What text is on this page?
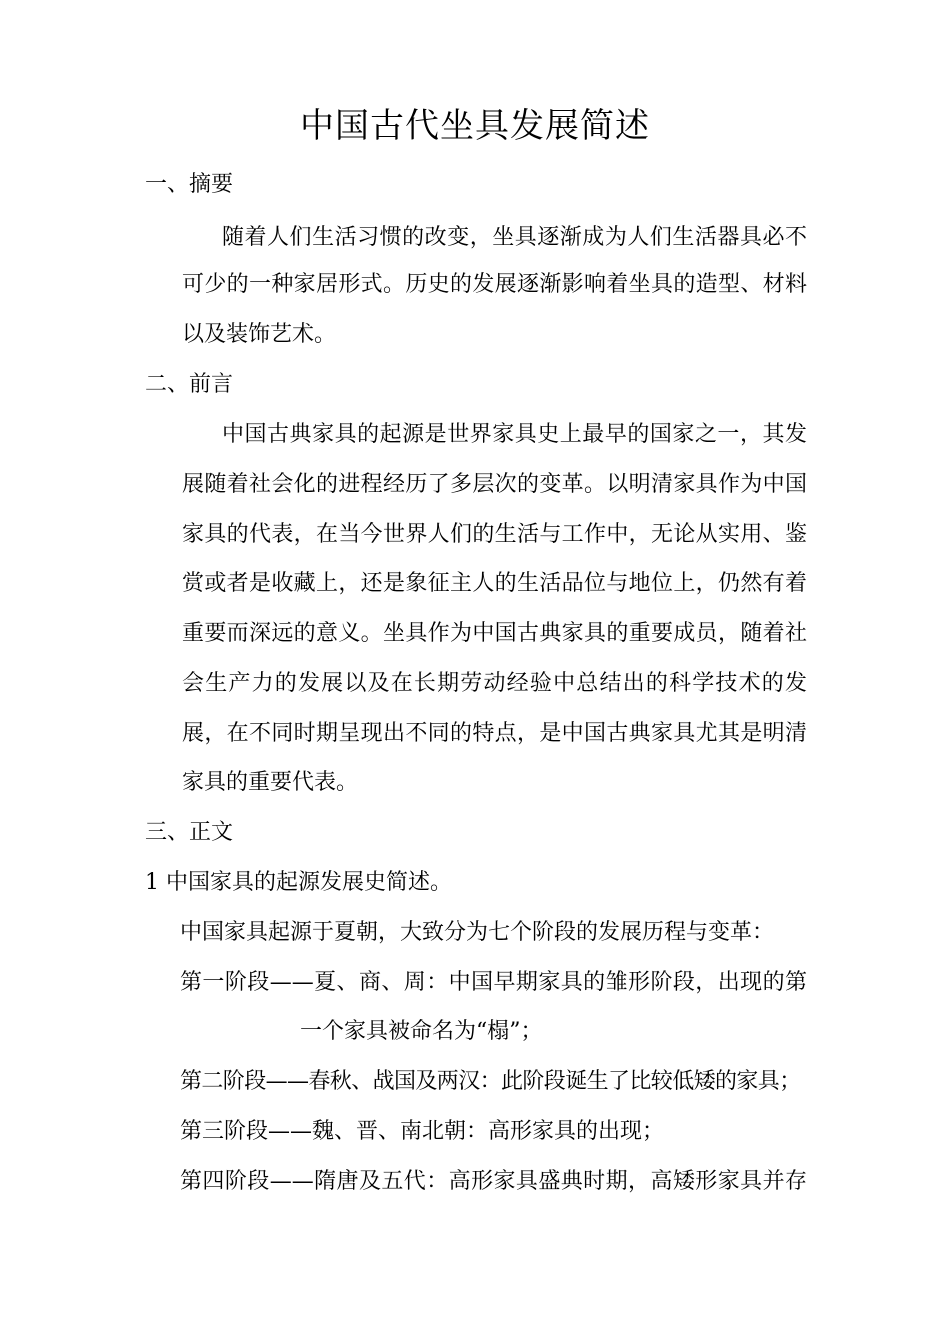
中国古代坐具发展简述
一、摘要
随着人们生活习惯的改变，坐具逐渐成为人们生活器具必不
可少的一种家居形式。历史的发展逐渐影响着坐具的造型、材料
以及装饰艺术。
二、前言
中国古典家具的起源是世界家具史上最早的国家之一，其发
展随着社会化的进程经历了多层次的变革。以明清家具作为中国
家具的代表，在当今世界人们的生活与工作中，无论从实用、鉴
赏或者是收藏上，还是象征主人的生活品位与地位上，仍然有着
重要而深远的意义。坐具作为中国古典家具的重要成员，随着社
会生产力的发展以及在长期劳动经验中总结出的科学技术的发
展，在不同时期呈现出不同的特点，是中国古典家具尤其是明清
家具的重要代表。
三、正文
1 中国家具的起源发展史简述。
中国家具起源于夏朝，大致分为七个阶段的发展历程与变革：
第一阶段——夏、商、周：中国早期家具的雏形阶段，出现的第
一个家具被命名为“榻”；
第二阶段——春秋、战国及两汉：此阶段诞生了比较低矮的家具；
第三阶段——魏、晋、南北朝：高形家具的出现；
第四阶段——隋唐及五代：高形家具盛典时期，高矮形家具并存
